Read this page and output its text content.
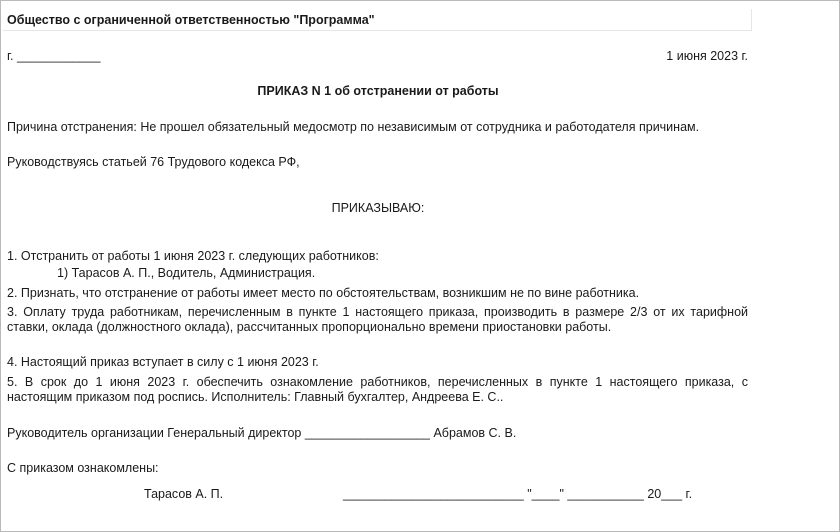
Общество с ограниченной ответственностью "Программа"
г. ____________	1 июня 2023 г.
ПРИКАЗ N 1 об отстранении от работы
Причина отстранения: Не прошел обязательный медосмотр по независимым от сотрудника и работодателя причинам.
Руководствуясь статьей 76 Трудового кодекса РФ,
ПРИКАЗЫВАЮ:
1. Отстранить от работы 1 июня 2023 г. следующих работников:
1) Тарасов А. П., Водитель, Администрация.
2. Признать, что отстранение от работы имеет место по обстоятельствам, возникшим не по вине работника.
3. Оплату труда работникам, перечисленным в пункте 1 настоящего приказа, производить в размере 2/3 от их тарифной ставки, оклада (должностного оклада), рассчитанных пропорционально времени приостановки работы.
4. Настоящий приказ вступает в силу с 1 июня 2023 г.
5. В срок до 1 июня 2023 г. обеспечить ознакомление работников, перечисленных в пункте 1 настоящего приказа, с настоящим приказом под роспись. Исполнитель: Главный бухгалтер, Андреева Е. С..
Руководитель организации Генеральный директор __________________ Абрамов С. В.
С приказом ознакомлены:
Тарасов А. П.	__________________________ "____" ___________ 20___ г.
